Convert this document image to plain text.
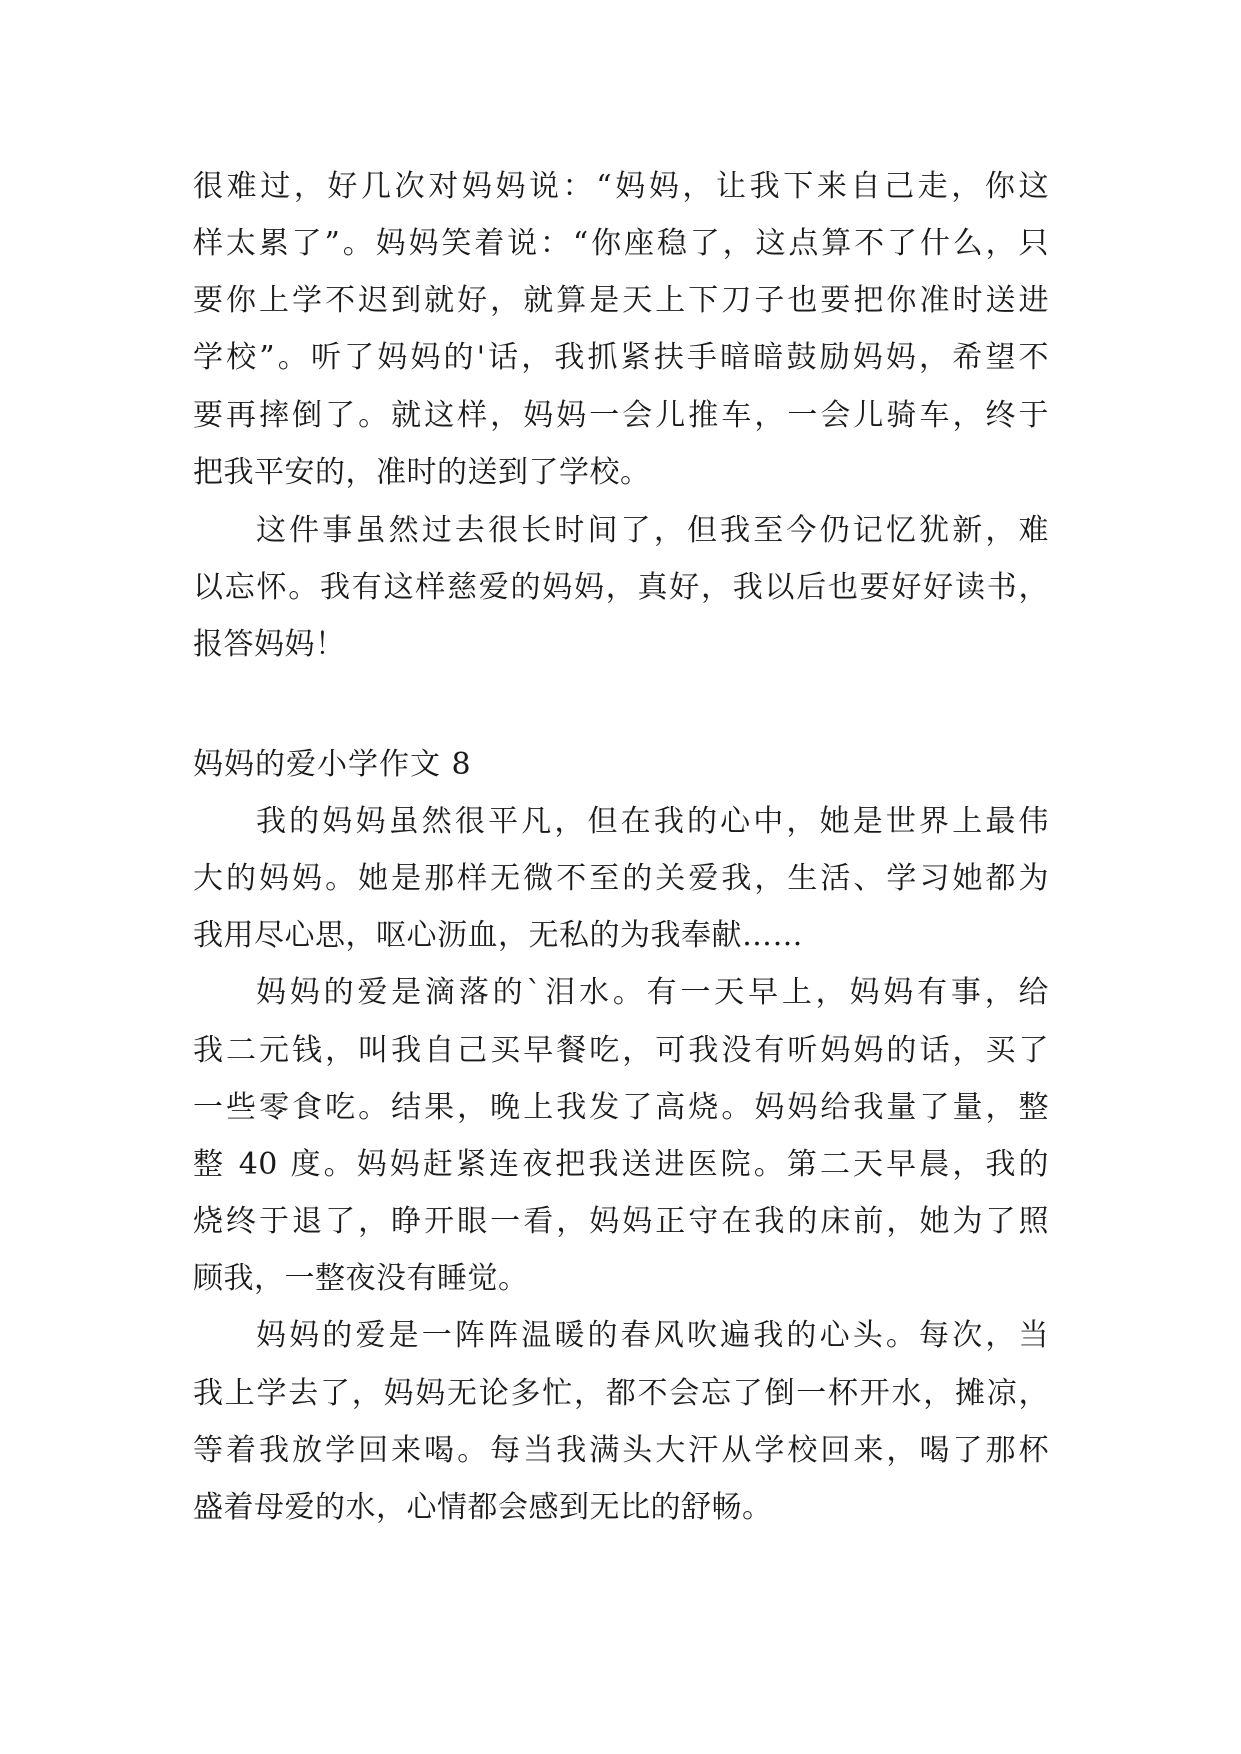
很难过，好几次对妈妈说：“妈妈，让我下来自己走，你这
样太累了”。妈妈笑着说：“你座稳了，这点算不了什么，只
要你上学不迟到就好，就算是天上下刀子也要把你准时送进
学校”。听了妈妈的'话，我抓紧扶手暗暗鼓励妈妈，希望不
要再摔倒了。就这样，妈妈一会儿推车，一会儿骑车，终于
把我平安的，准时的送到了学校。
这件事虽然过去很长时间了，但我至今仍记忆犹新，难
以忘怀。我有这样慈爱的妈妈，真好，我以后也要好好读书，
报答妈妈！
妈妈的爱小学作文 8
我的妈妈虽然很平凡，但在我的心中，她是世界上最伟
大的妈妈。她是那样无微不至的关爱我，生活、学习她都为
我用尽心思，呕心沥血，无私的为我奉献……
妈妈的爱是滴落的`泪水。有一天早上，妈妈有事，给
我二元钱，叫我自己买早餐吃，可我没有听妈妈的话，买了
一些零食吃。结果，晚上我发了高烧。妈妈给我量了量，整
整 40 度。妈妈赶紧连夜把我送进医院。第二天早晨，我的
烧终于退了，睁开眼一看，妈妈正守在我的床前，她为了照
顾我，一整夜没有睡觉。
妈妈的爱是一阵阵温暖的春风吹遍我的心头。每次，当
我上学去了，妈妈无论多忙，都不会忘了倒一杯开水，摊凉，
等着我放学回来喝。每当我满头大汗从学校回来，喝了那杯
盛着母爱的水，心情都会感到无比的舒畅。
